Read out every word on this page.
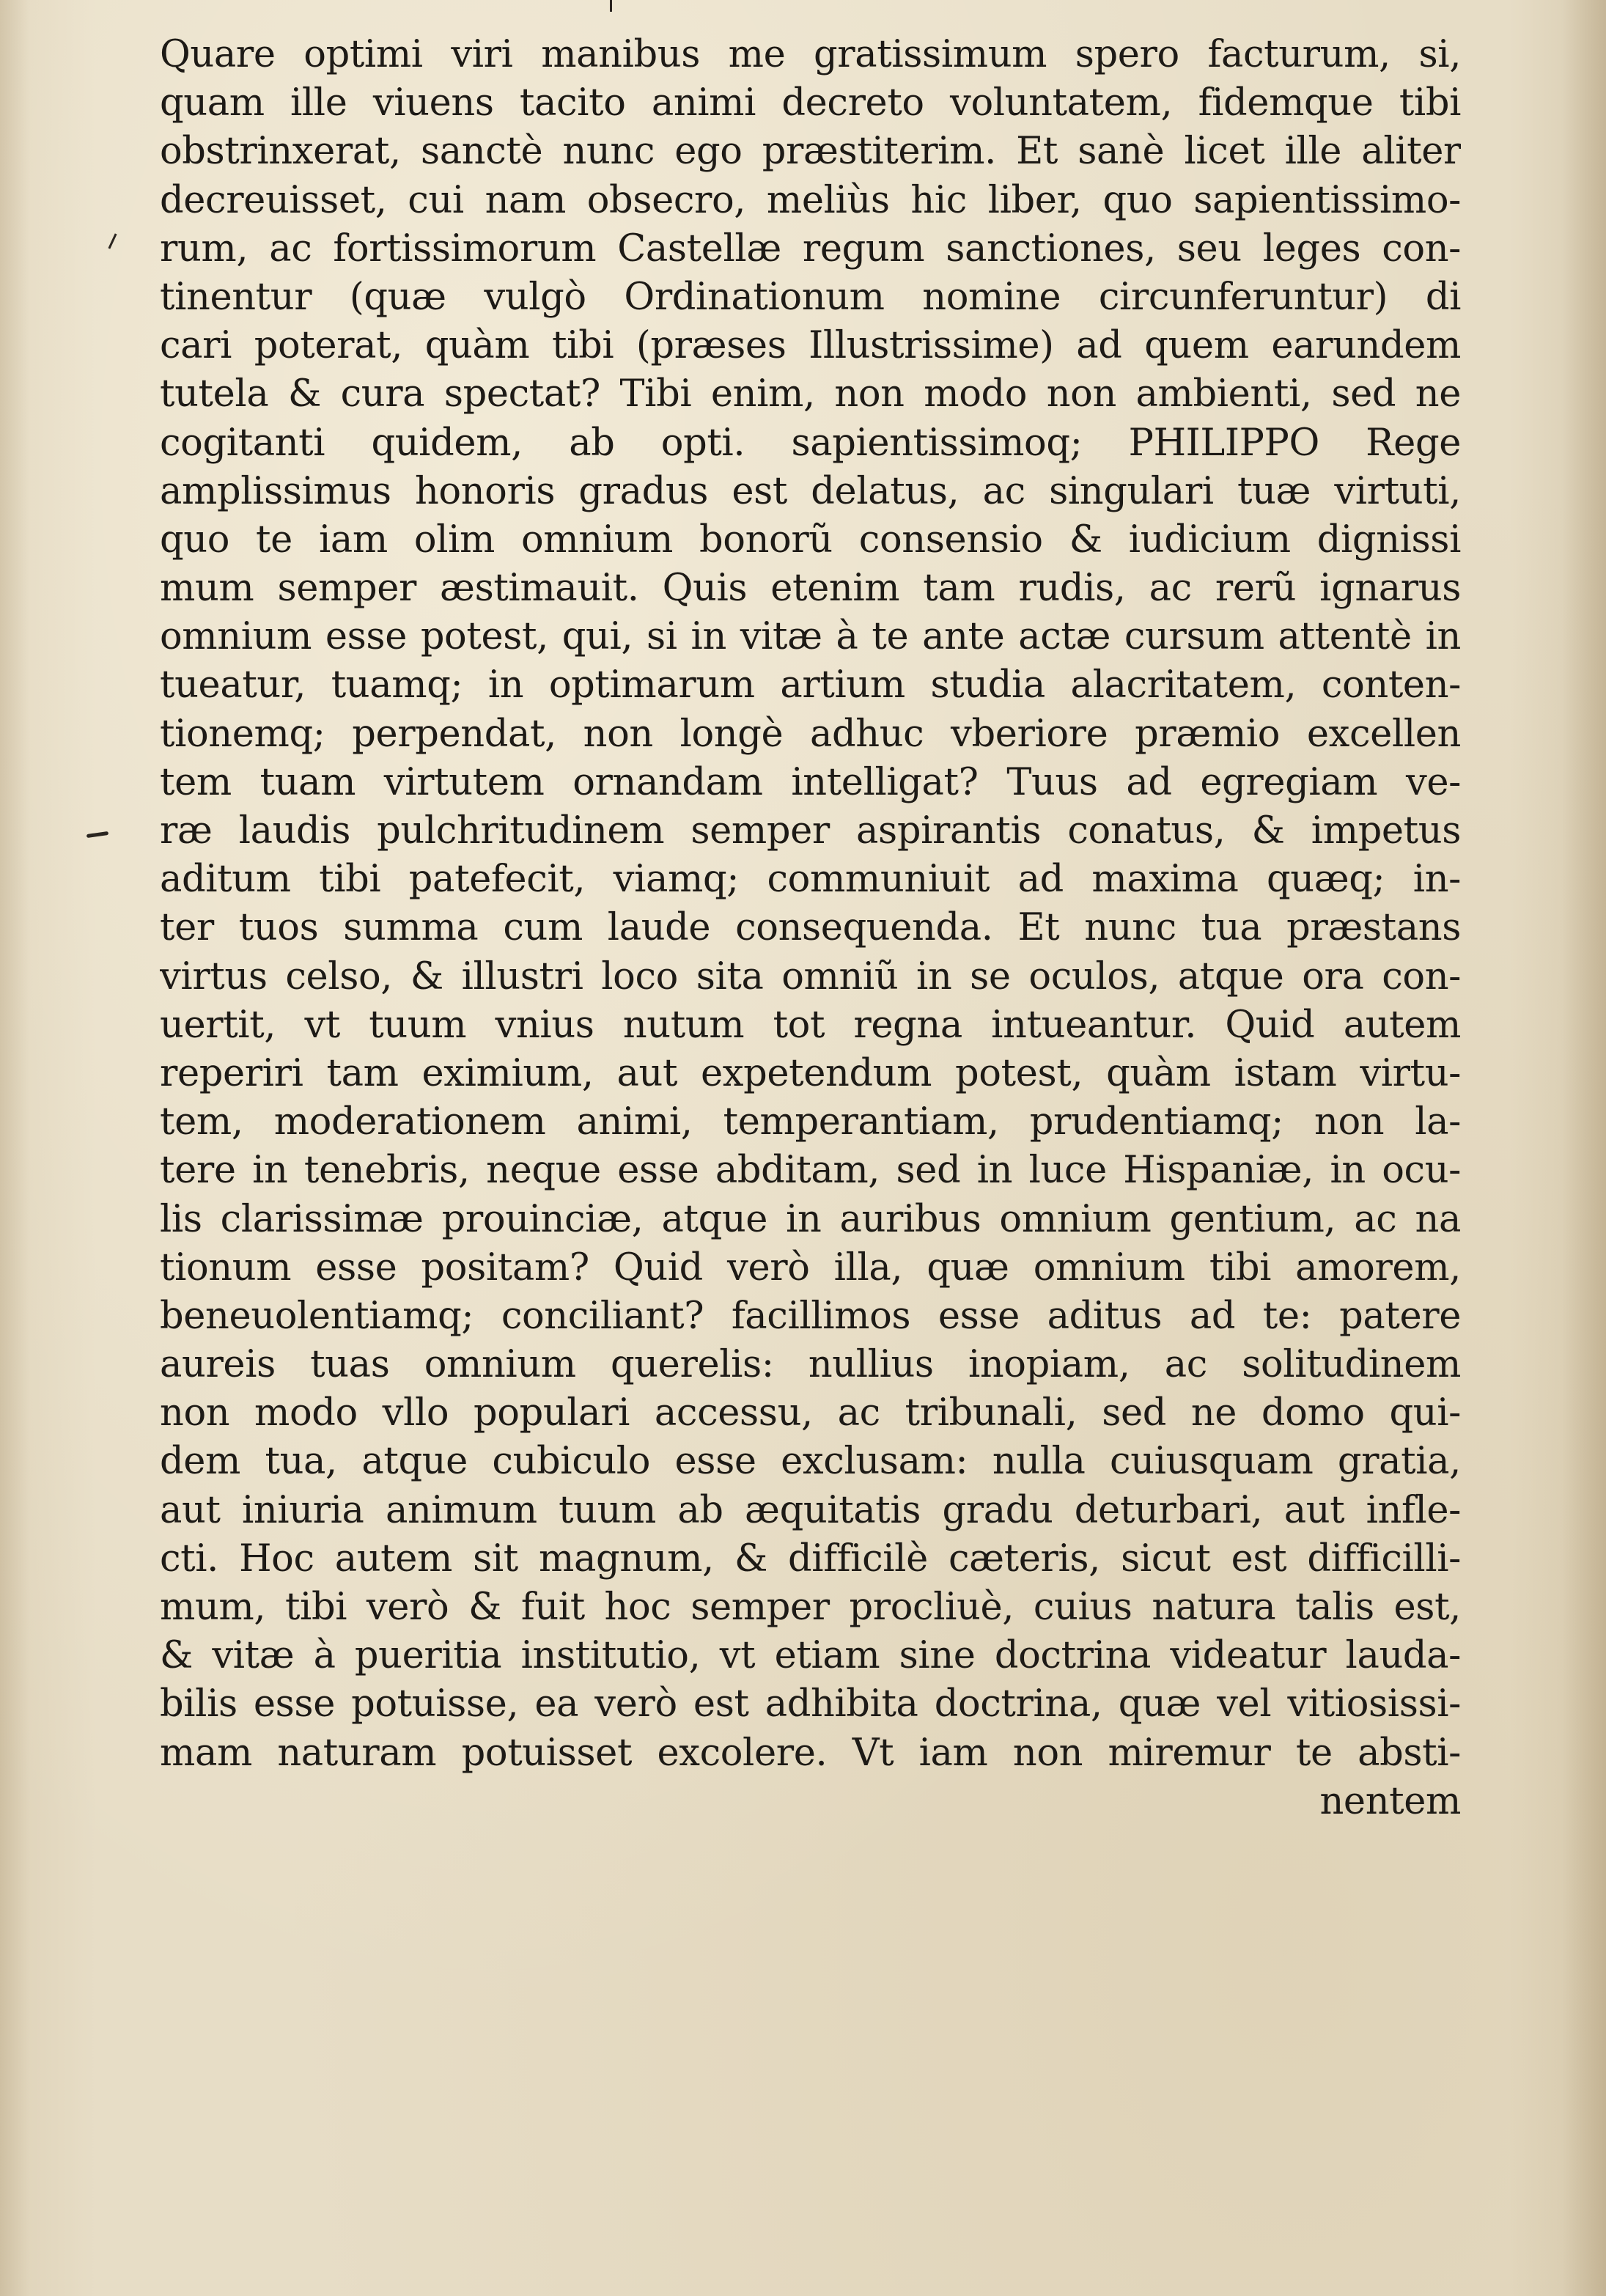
Quare optimi viri manibus me gratissimum spero facturum, si,
quam ille viuens tacito animi decreto voluntatem, fidemque tibi
obstrinxerat, sanctè nunc ego præstiterim. Et sanè licet ille aliter
decreuisset, cui nam obsecro, meliùs hic liber, quo sapientissimo-
rum, ac fortissimorum Castellæ regum sanctiones, seu leges con-
tinentur (quæ vulgò Ordinationum nomine circunferuntur) di
cari poterat, quàm tibi (præses Illustrissime) ad quem earundem
tutela & cura spectat? Tibi enim, non modo non ambienti, sed ne
cogitanti quidem, ab opti. sapientissimoq; PHILIPPO Rege
amplissimus honoris gradus est delatus, ac singulari tuæ virtuti,
quo te iam olim omnium bonorũ consensio & iudicium dignissi
mum semper æstimauit. Quis etenim tam rudis, ac rerũ ignarus
omnium esse potest, qui, si in vitæ à te ante actæ cursum attentè in
tueatur, tuamq; in optimarum artium studia alacritatem, conten-
tionemq; perpendat, non longè adhuc vberiore præmio excellen
tem tuam virtutem ornandam intelligat? Tuus ad egregiam ve-
ræ laudis pulchritudinem semper aspirantis conatus, & impetus
aditum tibi patefecit, viamq; communiuit ad maxima quæq; in-
ter tuos summa cum laude consequenda. Et nunc tua præstans
virtus celso, & illustri loco sita omniũ in se oculos, atque ora con-
uertit, vt tuum vnius nutum tot regna intueantur. Quid autem
reperiri tam eximium, aut expetendum potest, quàm istam virtu-
tem, moderationem animi, temperantiam, prudentiamq; non la-
tere in tenebris, neque esse abditam, sed in luce Hispaniæ, in ocu-
lis clarissimæ prouinciæ, atque in auribus omnium gentium, ac na
tionum esse positam? Quid verò illa, quæ omnium tibi amorem,
beneuolentiamq; conciliant? facillimos esse aditus ad te: patere
aureis tuas omnium querelis: nullius inopiam, ac solitudinem
non modo vllo populari accessu, ac tribunali, sed ne domo qui-
dem tua, atque cubiculo esse exclusam: nulla cuiusquam gratia,
aut iniuria animum tuum ab æquitatis gradu deturbari, aut infle-
cti. Hoc autem sit magnum, & difficilè cæteris, sicut est difficilli-
mum, tibi verò & fuit hoc semper procliuè, cuius natura talis est,
& vitæ à pueritia institutio, vt etiam sine doctrina videatur lauda-
bilis esse potuisse, ea verò est adhibita doctrina, quæ vel vitiosissi-
mam naturam potuisset excolere. Vt iam non miremur te absti-
nentem
